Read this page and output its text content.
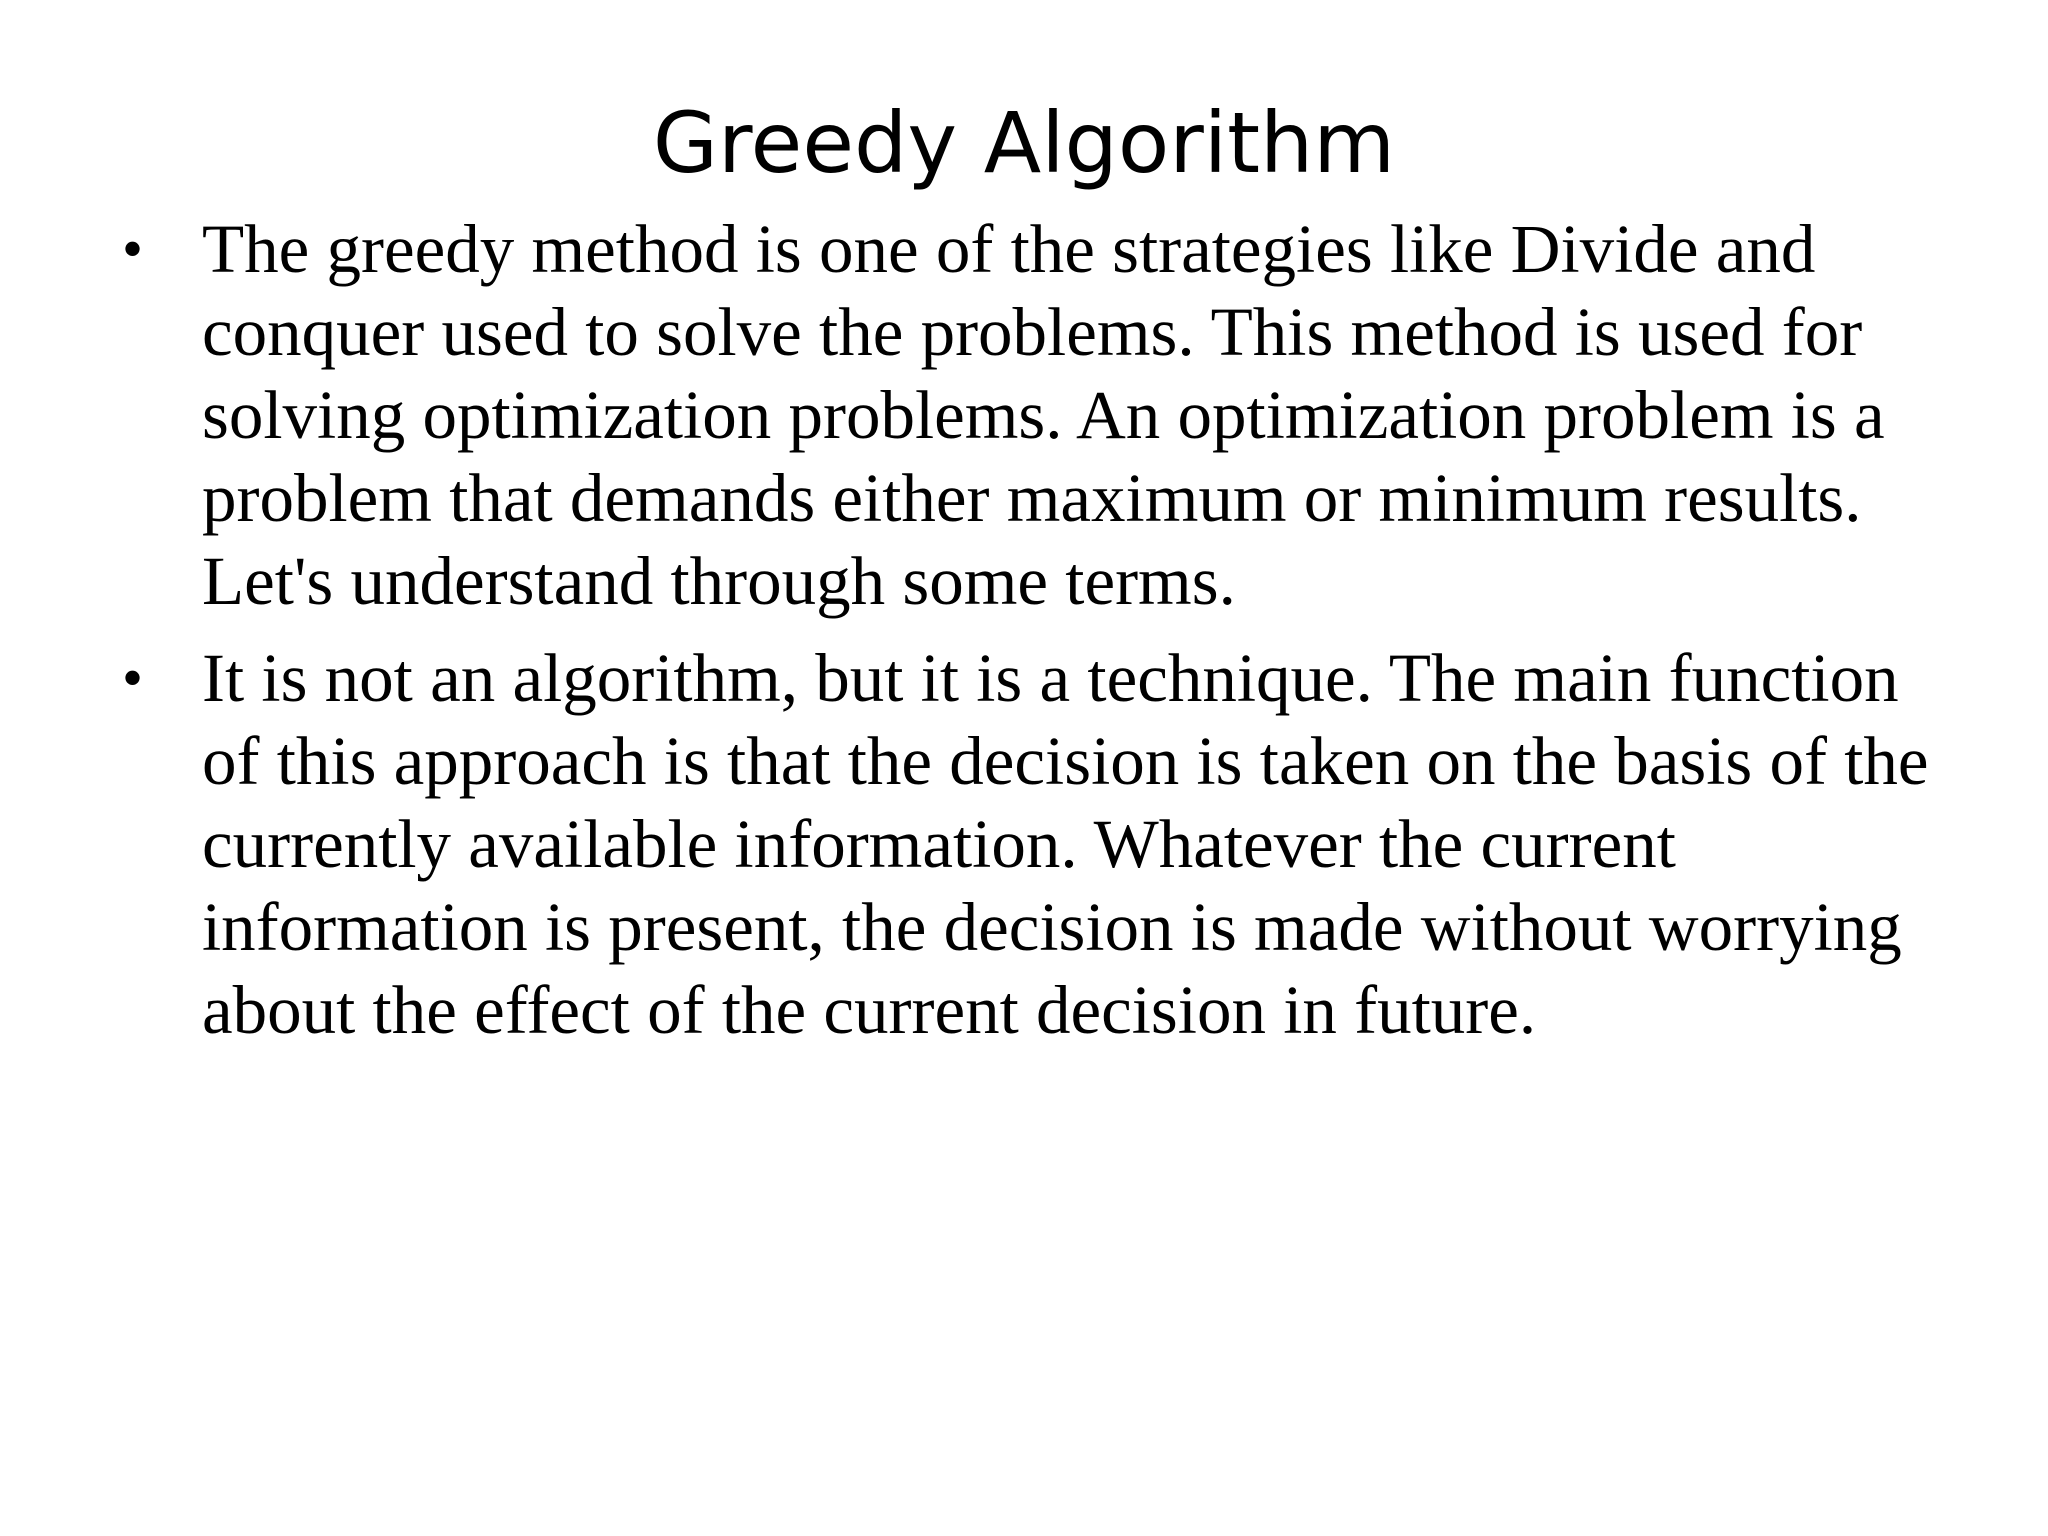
Greedy Algorithm
• The greedy method is one of the strategies like Divide and conquer used to solve the problems. This method is used for solving optimization problems. An optimization problem is a problem that demands either maximum or minimum results. Let's understand through some terms.
• It is not an algorithm, but it is a technique. The main function of this approach is that the decision is taken on the basis of the currently available information. Whatever the current information is present, the decision is made without worrying about the effect of the current decision in future.
